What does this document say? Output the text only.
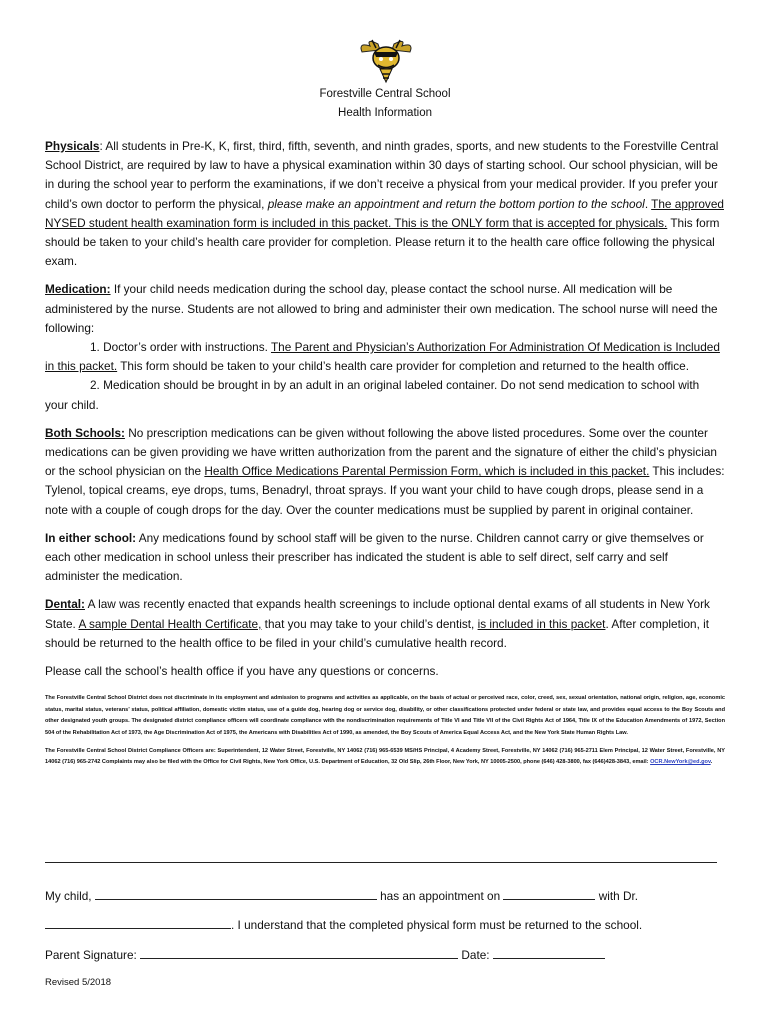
Forestville Central School
Health Information

Physicals: All students in Pre-K, K, first, third, fifth, seventh, and ninth grades, sports, and new students to the Forestville Central School District, are required by law to have a physical examination within 30 days of starting school. Our school physician, will be in during the school year to perform the examinations, if we don’t receive a physical from your medical provider. If you prefer your child’s own doctor to perform the physical, please make an appointment and return the bottom portion to the school. The approved NYSED student health examination form is included in this packet. This is the ONLY form that is accepted for physicals. This form should be taken to your child’s health care provider for completion. Please return it to the health care office following the physical exam.

Medication: If your child needs medication during the school day, please contact the school nurse. All medication will be administered by the nurse. Students are not allowed to bring and administer their own medication. The school nurse will need the following:
1. Doctor’s order with instructions. The Parent and Physician’s Authorization For Administration Of Medication is Included in this packet. This form should be taken to your child’s health care provider for completion and returned to the health office.
2. Medication should be brought in by an adult in an original labeled container. Do not send medication to school with your child.

Both Schools: No prescription medications can be given without following the above listed procedures. Some over the counter medications can be given providing we have written authorization from the parent and the signature of either the child’s physician or the school physician on the Health Office Medications Parental Permission Form, which is included in this packet. This includes: Tylenol, topical creams, eye drops, tums, Benadryl, throat sprays. If you want your child to have cough drops, please send in a note with a couple of cough drops for the day. Over the counter medications must be supplied by parent in original container.

In either school: Any medications found by school staff will be given to the nurse. Children cannot carry or give themselves or each other medication in school unless their prescriber has indicated the student is able to self direct, self carry and self administer the medication.

Dental: A law was recently enacted that expands health screenings to include optional dental exams of all students in New York State. A sample Dental Health Certificate, that you may take to your child’s dentist, is included in this packet. After completion, it should be returned to the health office to be filed in your child’s cumulative health record.

Please call the school’s health office if you have any questions or concerns.

The Forestville Central School District does not discriminate in its employment and admission to programs and activities as applicable, on the basis of actual or perceived race, color, creed, sex, sexual orientation, national origin, religion, age, economic status, marital status, veterans’ status, political affiliation, domestic victim status, use of a guide dog, hearing dog or service dog, disability, or other classifications protected under federal or state law, and provides equal access to the Boy Scouts and other designated youth groups. The designated district compliance officers will coordinate compliance with the nondiscrimination requirements of Title VI and Title VII of the Civil Rights Act of 1964, Title IX of the Education Amendments of 1972, Section 504 of the Rehabilitation Act of 1973, the Age Discrimination Act of 1975, the Americans with Disabilities Act of 1990, as amended, the Boy Scouts of America Equal Access Act, and the New York State Human Rights Law.

The Forestville Central School District Compliance Officers are: Superintendent, 12 Water Street, Forestville, NY 14062 (716) 965-6539 MS/HS Principal, 4 Academy Street, Forestville, NY 14062 (716) 965-2711 Elem Principal, 12 Water Street, Forestville, NY 14062 (716) 965-2742 Complaints may also be filed with the Office for Civil Rights, New York Office, U.S. Department of Education, 32 Old Slip, 26th Floor, New York, NY 10005-2500, phone (646) 428-3800, fax (646)428-3843, email: OCR.NewYork@ed.gov.

My child,	has an appointment on	with Dr.
. I understand that the completed physical form must be returned to the school.
Parent Signature:	Date:
Revised 5/2018
